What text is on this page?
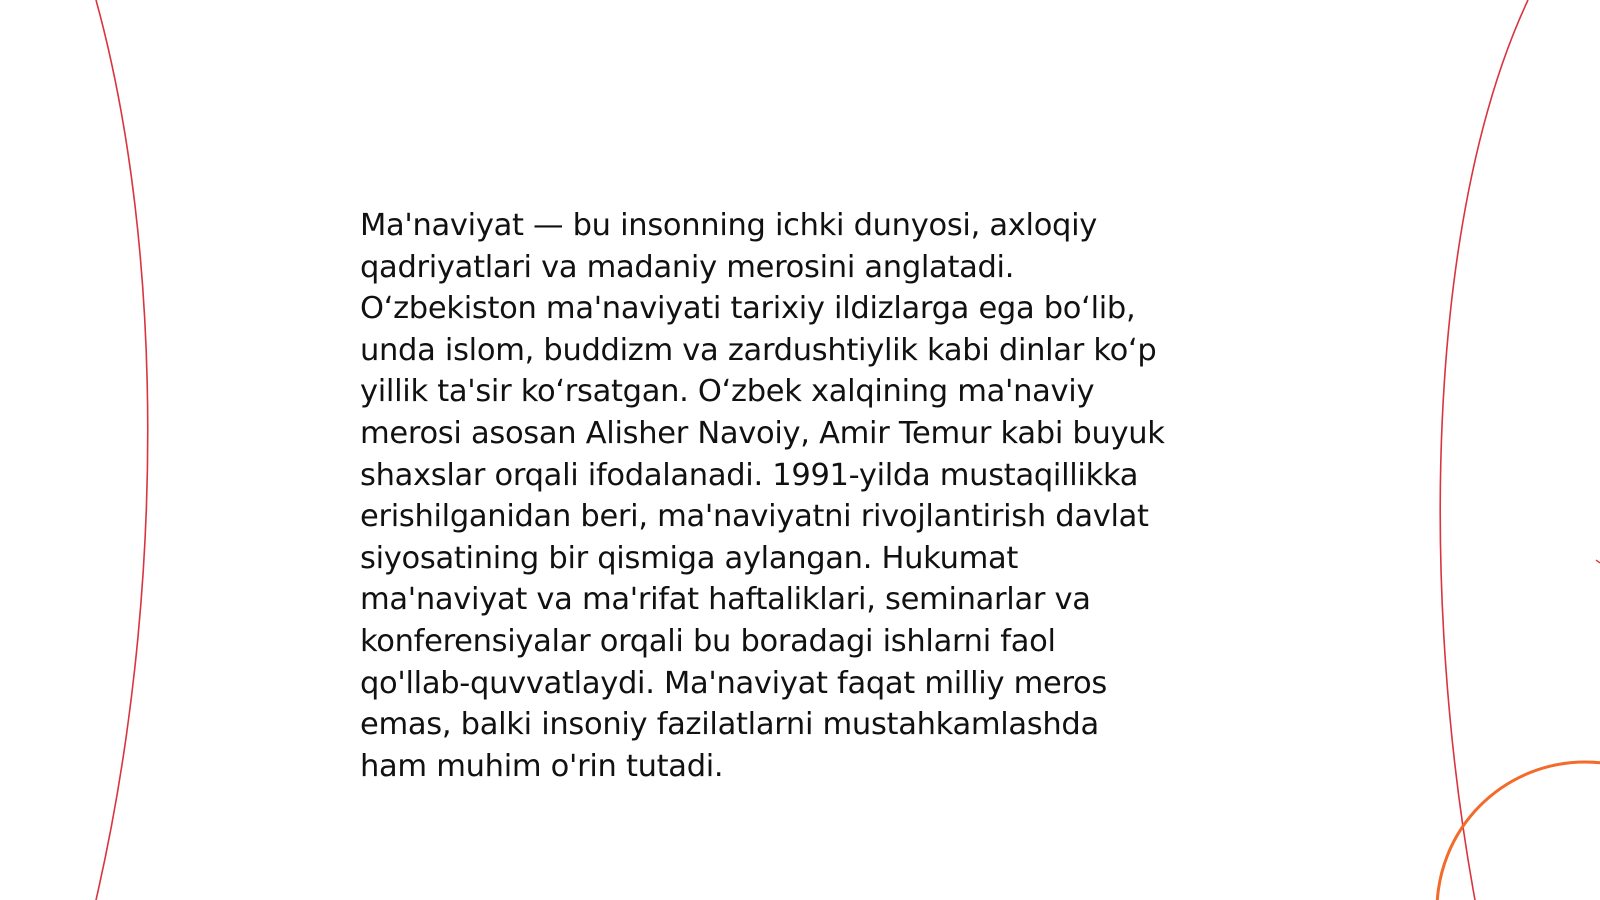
Ma'naviyat — bu insonning ichki dunyosi, axloqiy
qadriyatlari va madaniy merosini anglatadi.
O‘zbekiston ma'naviyati tarixiy ildizlarga ega bo‘lib,
unda islom, buddizm va zardushtiylik kabi dinlar ko‘p
yillik ta'sir ko‘rsatgan. O‘zbek xalqining ma'naviy
merosi asosan Alisher Navoiy, Amir Temur kabi buyuk
shaxslar orqali ifodalanadi. 1991-yilda mustaqillikka
erishilganidan beri, ma'naviyatni rivojlantirish davlat
siyosatining bir qismiga aylangan. Hukumat
ma'naviyat va ma'rifat haftaliklari, seminarlar va
konferensiyalar orqali bu boradagi ishlarni faol
qo'llab-quvvatlaydi. Ma'naviyat faqat milliy meros
emas, balki insoniy fazilatlarni mustahkamlashda
ham muhim o'rin tutadi.
